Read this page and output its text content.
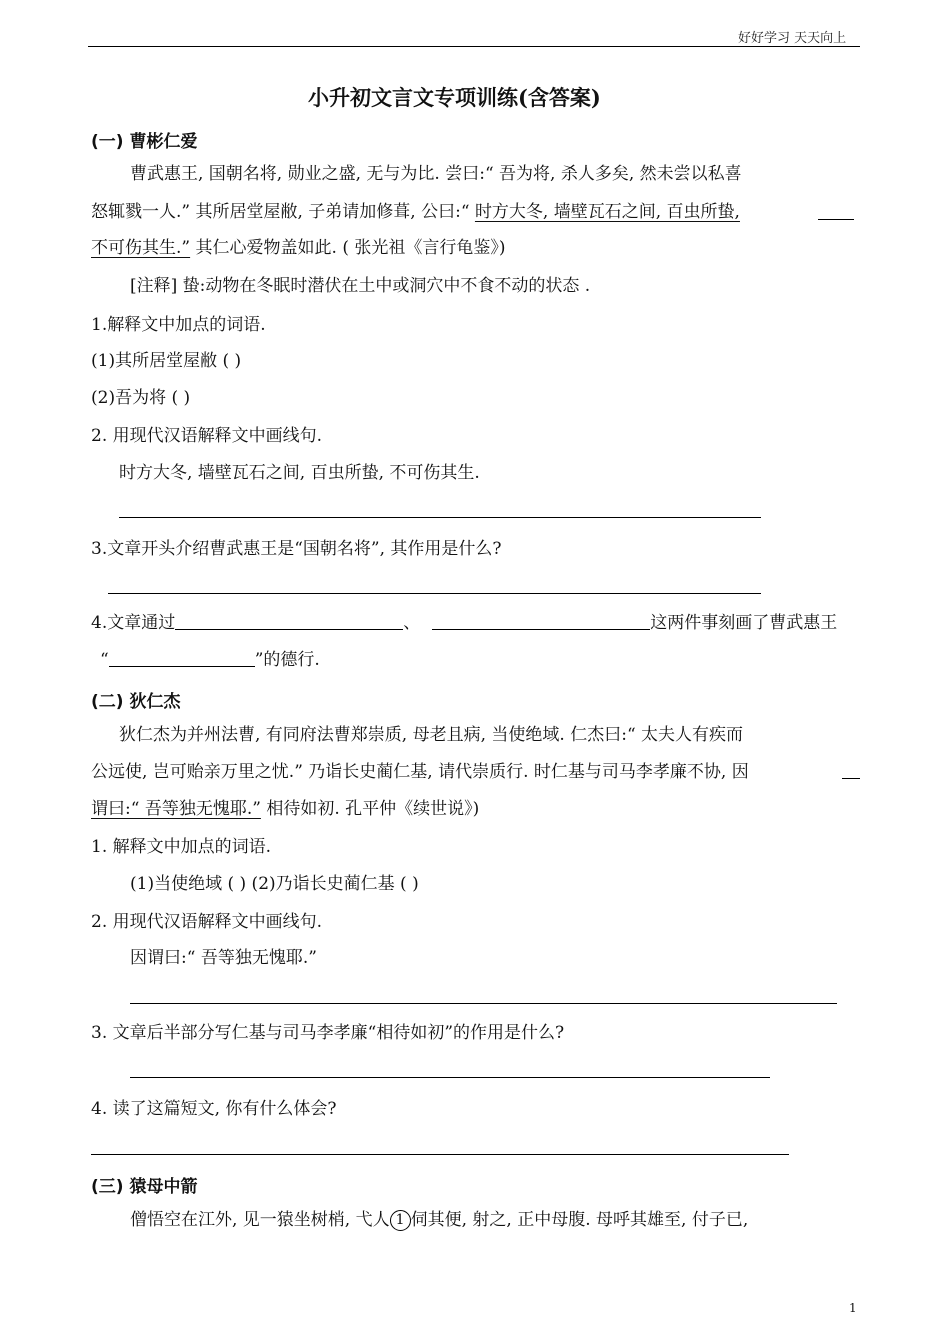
好好学习 天天向上
小升初文言文专项训练(含答案)
(一) 曹彬仁爱
曹武惠王, 国朝名将, 勋业之盛, 无与为比. 尝曰:“ 吾为将, 杀人多矣, 然未尝以私喜
怒辄戮一人.” 其所居堂屋敝, 子弟请加修葺, 公曰:“ 时方大冬, 墙壁瓦石之间, 百虫所蛰,
不可伤其生.” 其仁心爱物盖如此. ( 张光祖《言行龟鉴》)
[注释] 蛰:动物在冬眠时潜伏在土中或洞穴中不食不动的状态 .
1.解释文中加点的词语.
(1)其所居堂屋敝 ( )
(2)吾为将 ( )
2. 用现代汉语解释文中画线句.
时方大冬, 墙壁瓦石之间, 百虫所蛰, 不可伤其生.
3.文章开头介绍曹武惠王是“国朝名将”, 其作用是什么?
4.文章通过	、	这两件事刻画了曹武惠王
“	”的德行.
(二) 狄仁杰
狄仁杰为并州法曹, 有同府法曹郑崇质, 母老且病, 当使绝域. 仁杰曰:“ 太夫人有疾而
公远使, 岂可贻亲万里之忧.” 乃诣长史蔺仁基, 请代崇质行. 时仁基与司马李孝廉不协, 因
谓曰:“ 吾等独无愧耶.” 相待如初. 孔平仲《续世说》)
1. 解释文中加点的词语.
(1)当使绝域 ( ) (2)乃诣长史蔺仁基 ( )
2. 用现代汉语解释文中画线句.
因谓曰:“ 吾等独无愧耶.”
3. 文章后半部分写仁基与司马李孝廉“相待如初”的作用是什么?
4. 读了这篇短文, 你有什么体会?
(三) 猿母中箭
僧悟空在江外, 见一猿坐树梢, 弋人 1 伺其便, 射之, 正中母腹. 母呼其雄至, 付子已,
1
